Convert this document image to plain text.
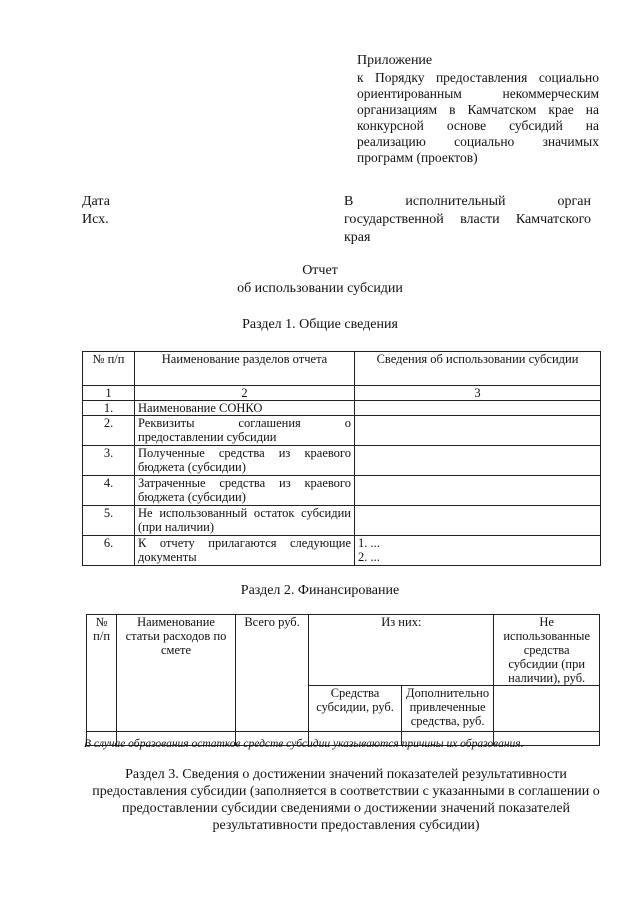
Приложение
к Порядку предоставления социально ориентированным некоммерческим организациям в Камчатском крае на конкурсной основе субсидий на реализацию социально значимых программ (проектов)
Дата
Исх.
В исполнительный орган государственной власти Камчатского края
Отчет
об использовании субсидии
Раздел 1. Общие сведения
№ п/п	Наименование разделов отчета	Сведения об использовании субсидии
1	2	3
1.	Наименование СОНКО	
2.	Реквизиты соглашения о предоставлении субсидии	
3.	Полученные средства из краевого бюджета (субсидии)	
4.	Затраченные средства из краевого бюджета (субсидии)	
5.	Не использованный остаток субсидии (при наличии)	
6.	К отчету прилагаются следующие документы	1. ...
2. ...
Раздел 2. Финансирование
№ п/п	Наименование статьи расходов по смете	Всего руб.	Из них:		Не использованные средства субсидии (при наличии), руб.
			Средства субсидии, руб.	Дополнительно привлеченные средства, руб.	

В случае образования остатков средств субсидии указываются причины их образования.
Раздел 3. Сведения о достижении значений показателей результативности предоставления субсидии (заполняется в соответствии с указанными в соглашении о предоставлении субсидии сведениями о достижении значений показателей результативности предоставления субсидии)
